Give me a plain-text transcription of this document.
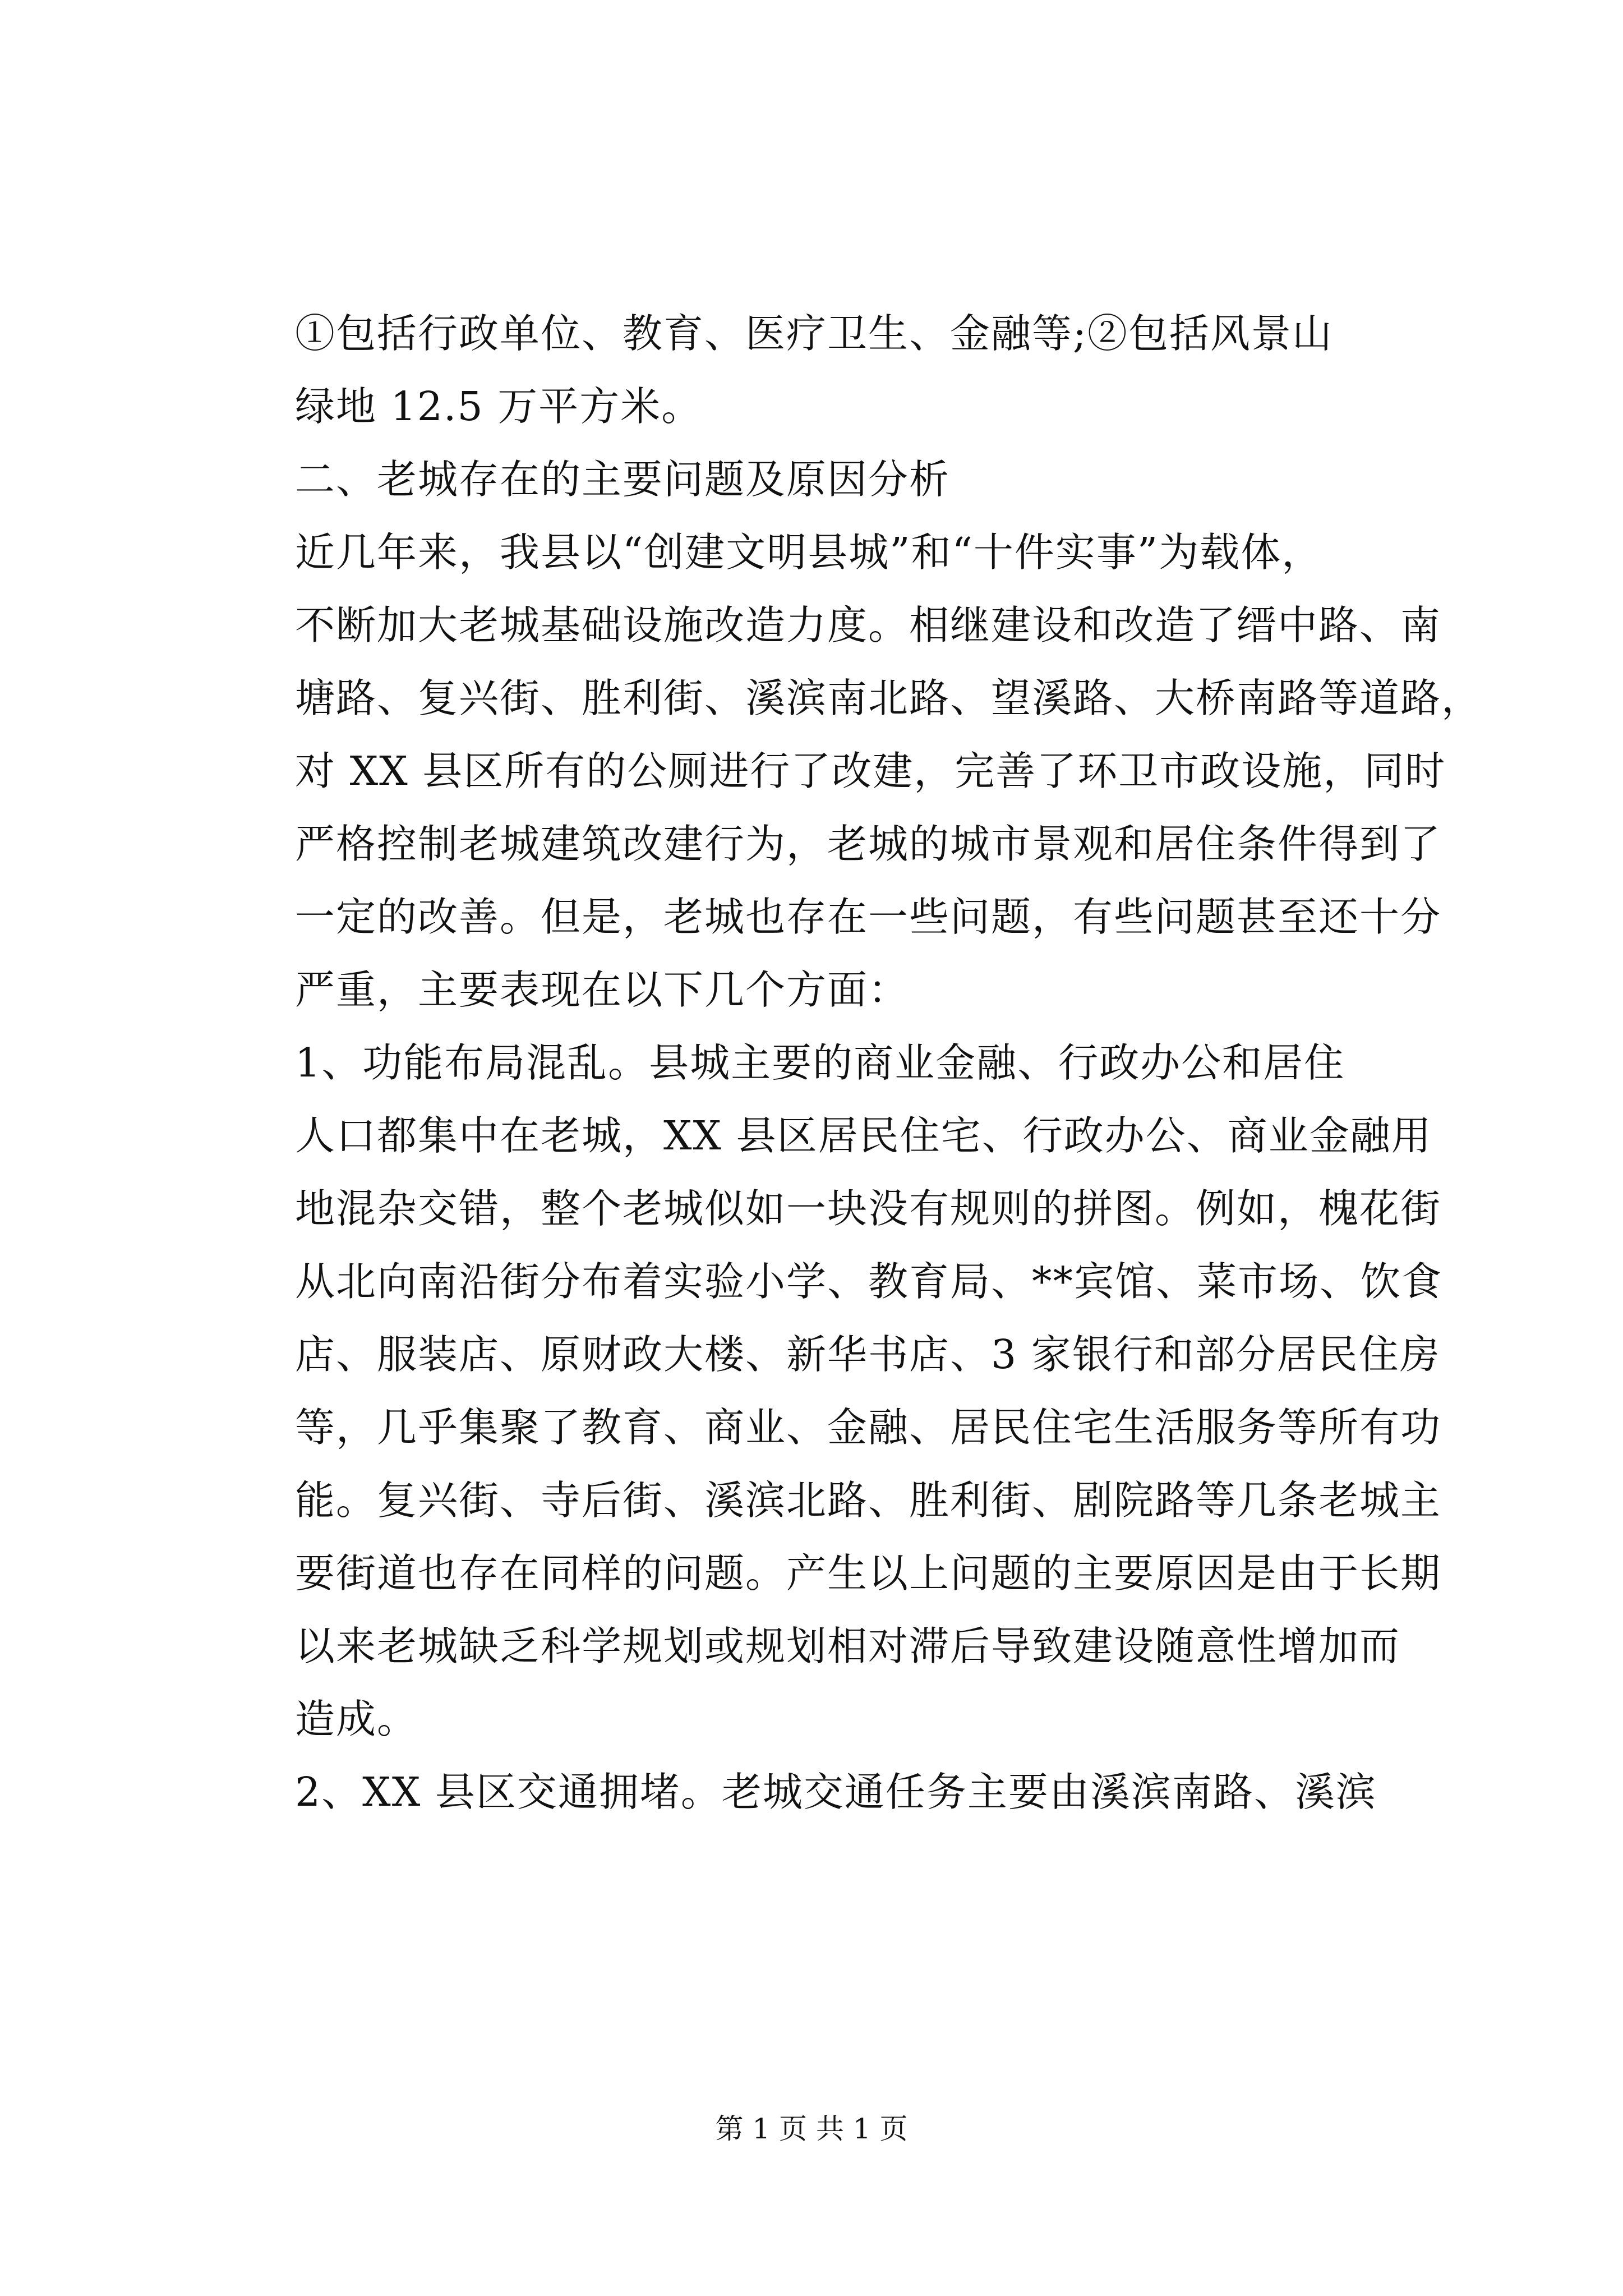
①包括行政单位、教育、医疗卫生、金融等;②包括风景山
绿地 12.5 万平方米。

二、老城存在的主要问题及原因分析

近几年来，我县以“创建文明县城”和“十件实事”为载体，
不断加大老城基础设施改造力度。相继建设和改造了缙中路、南
塘路、复兴街、胜利街、溪滨南北路、望溪路、大桥南路等道路，
对 XX 县区所有的公厕进行了改建，完善了环卫市政设施，同时
严格控制老城建筑改建行为，老城的城市景观和居住条件得到了
一定的改善。但是，老城也存在一些问题，有些问题甚至还十分
严重，主要表现在以下几个方面：

1、功能布局混乱。县城主要的商业金融、行政办公和居住
人口都集中在老城，XX 县区居民住宅、行政办公、商业金融用
地混杂交错，整个老城似如一块没有规则的拼图。例如，槐花街
从北向南沿街分布着实验小学、教育局、**宾馆、菜市场、饮食
店、服装店、原财政大楼、新华书店、3 家银行和部分居民住房
等，几乎集聚了教育、商业、金融、居民住宅生活服务等所有功
能。复兴街、寺后街、溪滨北路、胜利街、剧院路等几条老城主
要街道也存在同样的问题。产生以上问题的主要原因是由于长期
以来老城缺乏科学规划或规划相对滞后导致建设随意性增加而
造成。

2、XX 县区交通拥堵。老城交通任务主要由溪滨南路、溪滨

第 1 页 共 1 页
